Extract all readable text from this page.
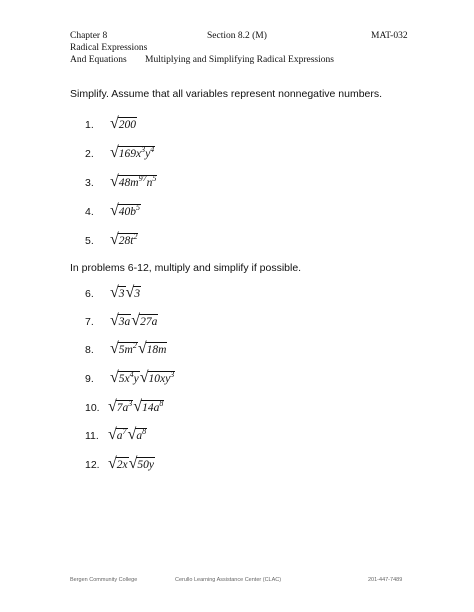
Chapter 8	Section 8.2 (M)	MAT-032
Radical Expressions
And Equations Multiplying and Simplifying Radical Expressions
Simplify. Assume that all variables represent nonnegative numbers.
1.	√ 200
2.	√ $169x^3y^4$
3.	√ $48m^{97}n^5$
4.	√ $40b^5$
5.	√ $28t^2$
In problems 6-12, multiply and simplify if possible.
6.	√ 3 √ 3
7.	√ 3a √ 27a
8.	√ $5m^2$ √ 18m
9.	√ $5x^4y$ √ $10xy^3$
10. √ $7a^3$ √ $14a^8$
11. √ $a^7$ √ $a^8$
12. √ 2x √ 50y
Bergen Community College	Cerullo Learning Assistance Center (CLAC)	201-447-7489
